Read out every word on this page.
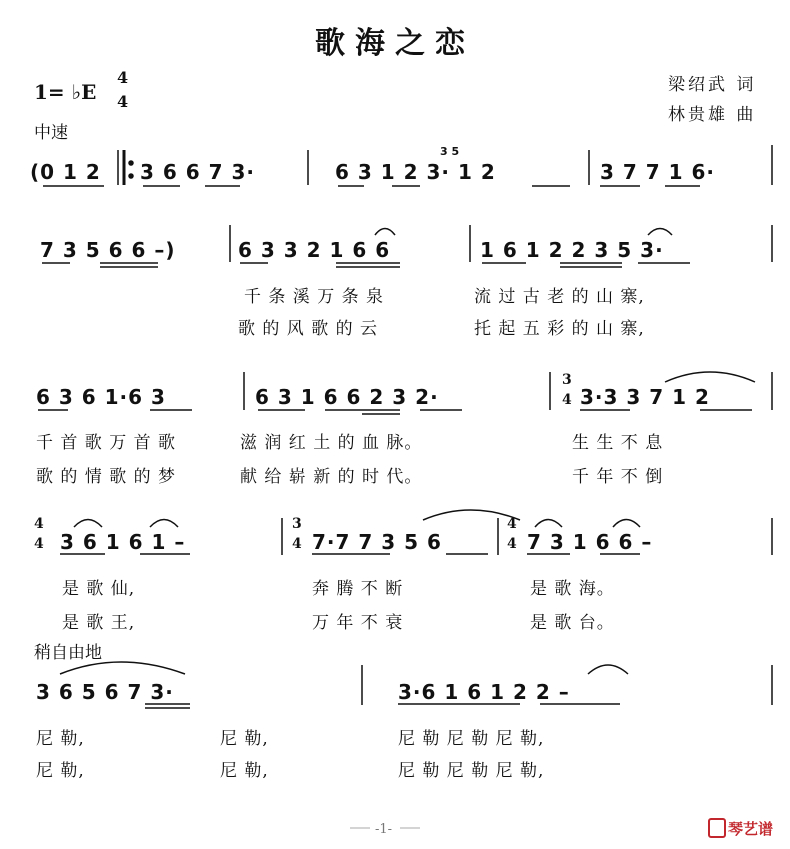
歌海之恋
梁绍武 词
林贵雄 曲
1= ♭E
4
4
中速
(0 1 2 3 6 6 7 3·	6 3 1 2 3· 1 2	3 7 7 1 6·
3 5
7 3 5 6 6 –)	6 3 3 2 1 6 6	1 6 1 2 2 3 5 3·
千 条 溪 万 条 泉	流 过 古 老 的 山 寨,
歌 的 风 歌 的 云	托 起 五 彩 的 山 寨,
6 3 6 1·6 3	6 3 1 6 6 2 3 2·
3
4 3·3 3 7 1 2
千 首 歌 万 首 歌	滋 润 红 土 的 血 脉。	生 生 不 息
歌 的 情 歌 的 梦	献 给 崭 新 的 时 代。	千 年 不 倒
4
4 3 6 1 6 1 –
3
4 7·7 7 3 5 6
4
4 7 3 1 6 6 –
是 歌 仙,	奔 腾 不 断	是 歌 海。
是 歌 王,	万 年 不 衰	是 歌 台。
稍自由地
3 6 5 6 7 3·	3·6 1 6 1 2 2 –
尼 勒,	尼 勒,	尼 勒 尼 勒 尼 勒,
尼 勒,	尼 勒,	尼 勒 尼 勒 尼 勒,
-1-	琴艺谱
